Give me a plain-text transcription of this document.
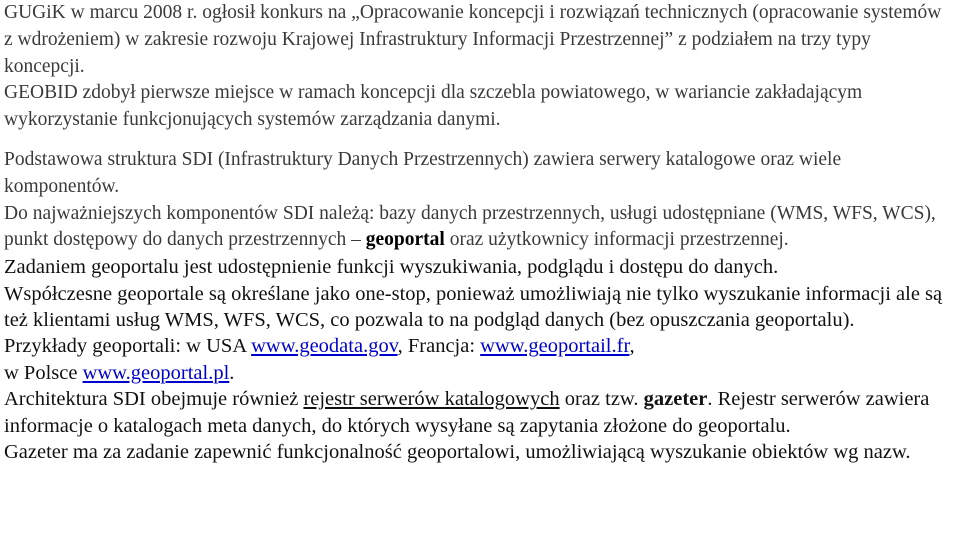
GUGiK w marcu 2008 r. ogłosił konkurs na „Opracowanie koncepcji i rozwiązań technicznych (opracowanie systemów z wdrożeniem) w zakresie rozwoju Krajowej Infrastruktury Informacji Przestrzennej” z podziałem na trzy typy koncepcji.

GEOBID zdobył pierwsze miejsce w ramach koncepcji dla szczebla powiatowego, w wariancie zakładającym wykorzystanie funkcjonujących systemów zarządzania danymi.

Podstawowa struktura SDI (Infrastruktury Danych Przestrzennych) zawiera serwery katalogowe oraz wiele komponentów.

Do najważniejszych komponentów SDI należą: bazy danych przestrzennych, usługi udostępniane (WMS, WFS, WCS), punkt dostępowy do danych przestrzennych – geoportal oraz użytkownicy informacji przestrzennej.

Zadaniem geoportalu jest udostępnienie funkcji wyszukiwania, podglądu i dostępu do danych.

Współczesne geoportale są określane jako one-stop, ponieważ umożliwiają nie tylko wyszukanie informacji ale są też klientami usług WMS, WFS, WCS, co pozwala to na podgląd danych (bez opuszczania geoportalu).

Przykłady geoportali: w USA www.geodata.gov, Francja: www.geoportail.fr,
w Polsce www.geoportal.pl.

Architektura SDI obejmuje również rejestr serwerów katalogowych oraz tzw. gazeter. Rejestr serwerów zawiera informacje o katalogach meta danych, do których wysyłane są zapytania złożone do geoportalu.

Gazeter ma za zadanie zapewnić funkcjonalność geoportalowi, umożliwiającą wyszukanie obiektów wg nazw.
